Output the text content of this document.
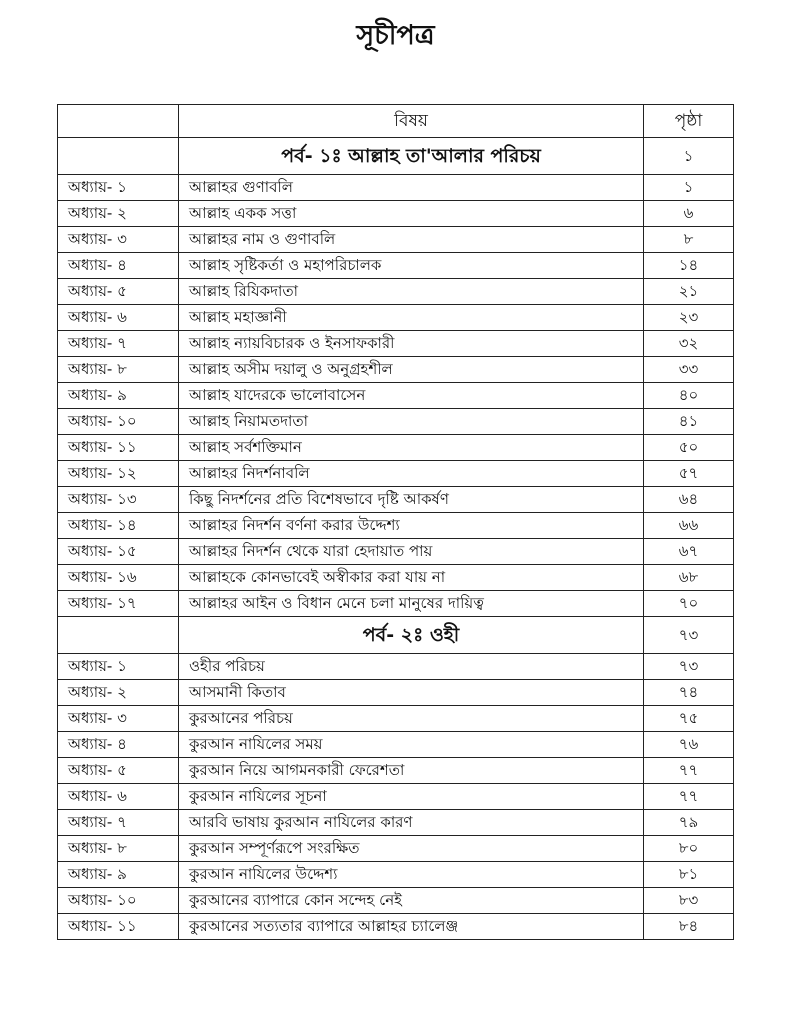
সূচীপত্র
	বিষয়	পৃষ্ঠা
	পর্ব- ১ঃ আল্লাহ তা'আলার পরিচয়	১
অধ্যায়- ১	আল্লাহর গুণাবলি	১
অধ্যায়- ২	আল্লাহ একক সত্তা	৬
অধ্যায়- ৩	আল্লাহর নাম ও গুণাবলি	৮
অধ্যায়- ৪	আল্লাহ সৃষ্টিকর্তা ও মহাপরিচালক	১৪
অধ্যায়- ৫	আল্লাহ রিযিকদাতা	২১
অধ্যায়- ৬	আল্লাহ মহাজ্ঞানী	২৩
অধ্যায়- ৭	আল্লাহ ন্যায়বিচারক ও ইনসাফকারী	৩২
অধ্যায়- ৮	আল্লাহ অসীম দয়ালু ও অনুগ্রহশীল	৩৩
অধ্যায়- ৯	আল্লাহ যাদেরকে ভালোবাসেন	৪০
অধ্যায়- ১০	আল্লাহ নিয়ামতদাতা	৪১
অধ্যায়- ১১	আল্লাহ সর্বশক্তিমান	৫০
অধ্যায়- ১২	আল্লাহর নিদর্শনাবলি	৫৭
অধ্যায়- ১৩	কিছু নিদর্শনের প্রতি বিশেষভাবে দৃষ্টি আকর্ষণ	৬৪
অধ্যায়- ১৪	আল্লাহর নিদর্শন বর্ণনা করার উদ্দেশ্য	৬৬
অধ্যায়- ১৫	আল্লাহর নিদর্শন থেকে যারা হেদায়াত পায়	৬৭
অধ্যায়- ১৬	আল্লাহকে কোনভাবেই অস্বীকার করা যায় না	৬৮
অধ্যায়- ১৭	আল্লাহর আইন ও বিধান মেনে চলা মানুষের দায়িত্ব	৭০
	পর্ব- ২ঃ ওহী	৭৩
অধ্যায়- ১	ওহীর পরিচয়	৭৩
অধ্যায়- ২	আসমানী কিতাব	৭৪
অধ্যায়- ৩	কুরআনের পরিচয়	৭৫
অধ্যায়- ৪	কুরআন নাযিলের সময়	৭৬
অধ্যায়- ৫	কুরআন নিয়ে আগমনকারী ফেরেশতা	৭৭
অধ্যায়- ৬	কুরআন নাযিলের সূচনা	৭৭
অধ্যায়- ৭	আরবি ভাষায় কুরআন নাযিলের কারণ	৭৯
অধ্যায়- ৮	কুরআন সম্পূর্ণরূপে সংরক্ষিত	৮০
অধ্যায়- ৯	কুরআন নাযিলের উদ্দেশ্য	৮১
অধ্যায়- ১০	কুরআনের ব্যাপারে কোন সন্দেহ নেই	৮৩
অধ্যায়- ১১	কুরআনের সত্যতার ব্যাপারে আল্লাহর চ্যালেঞ্জ	৮৪
